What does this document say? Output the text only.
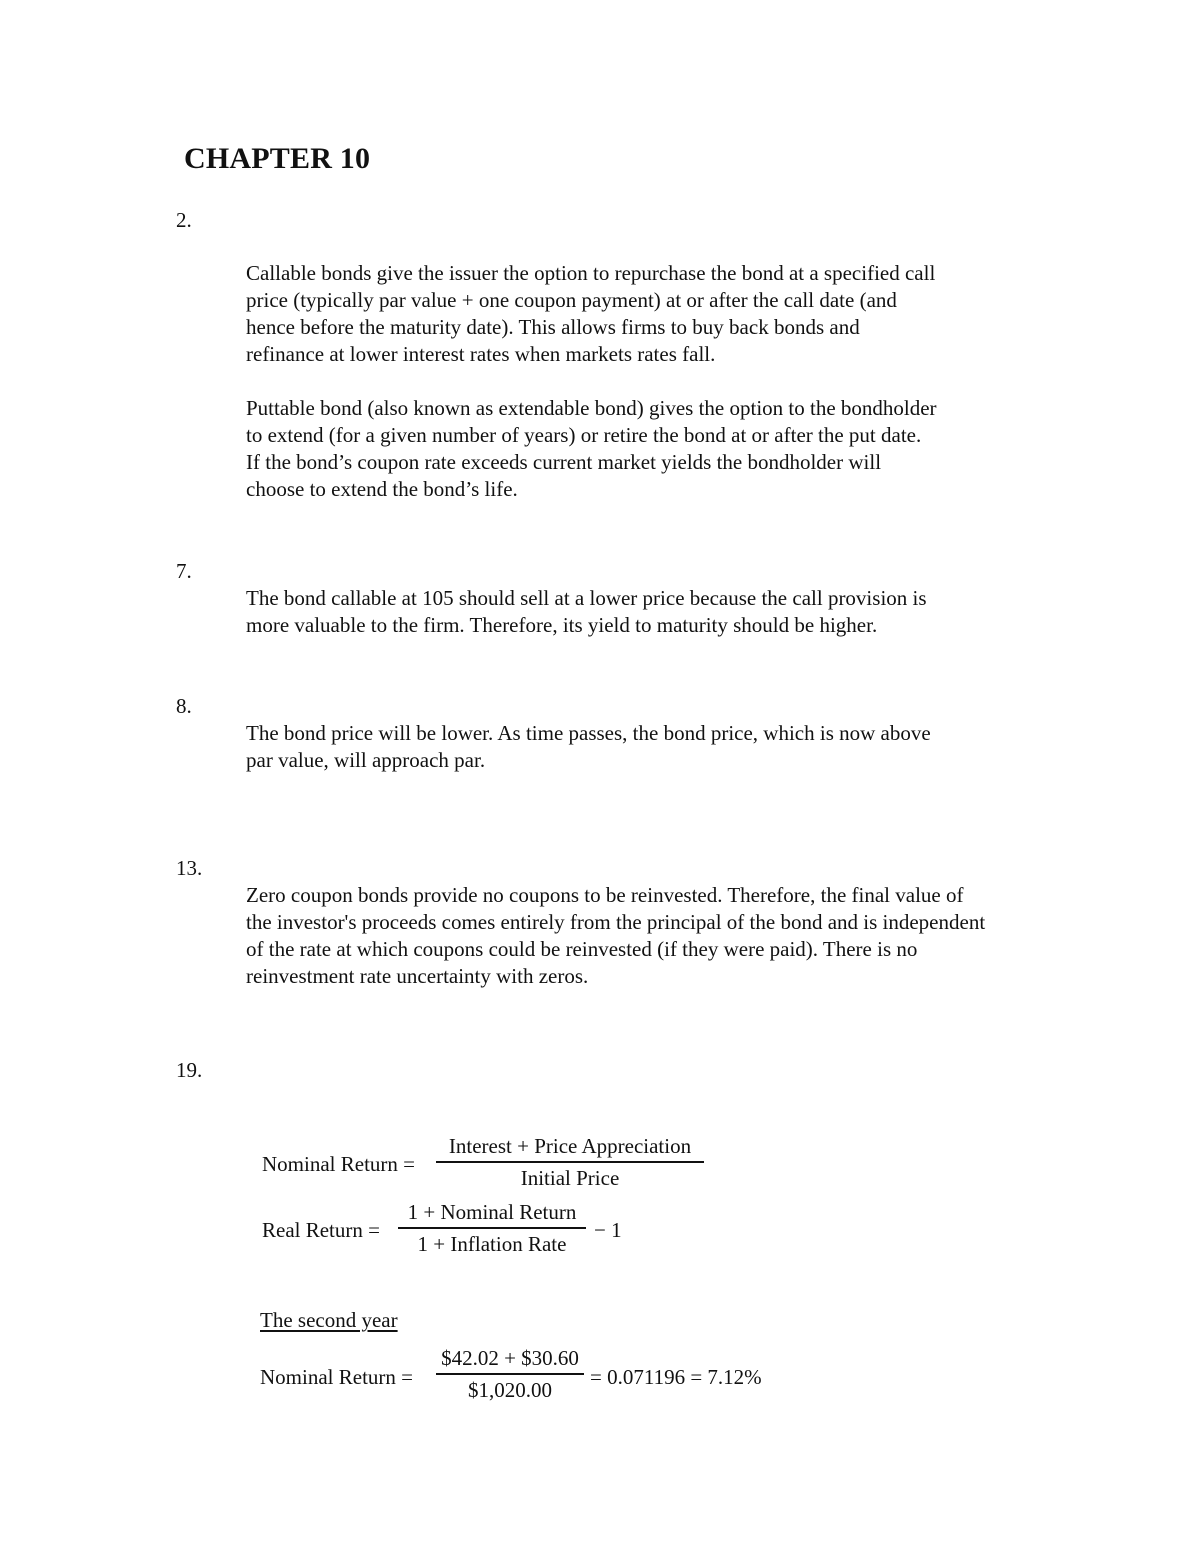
CHAPTER 10
2.
Callable bonds give the issuer the option to repurchase the bond at a specified call
price (typically par value + one coupon payment) at or after the call date (and
hence before the maturity date). This allows firms to buy back bonds and
refinance at lower interest rates when markets rates fall.
Puttable bond (also known as extendable bond) gives the option to the bondholder
to extend (for a given number of years) or retire the bond at or after the put date.
If the bond’s coupon rate exceeds current market yields the bondholder will
choose to extend the bond’s life.
7.
The bond callable at 105 should sell at a lower price because the call provision is
more valuable to the firm. Therefore, its yield to maturity should be higher.
8.
The bond price will be lower. As time passes, the bond price, which is now above
par value, will approach par.
13.
Zero coupon bonds provide no coupons to be reinvested. Therefore, the final value of
the investor's proceeds comes entirely from the principal of the bond and is independent
of the rate at which coupons could be reinvested (if they were paid). There is no
reinvestment rate uncertainty with zeros.
19.
Nominal Return =
Interest + Price Appreciation
Initial Price
Real Return =
1 + Nominal Return
1 + Inflation Rate
− 1
The second year
Nominal Return =
$42.02 + $30.60
$1,020.00
= 0.071196 = 7.12%
